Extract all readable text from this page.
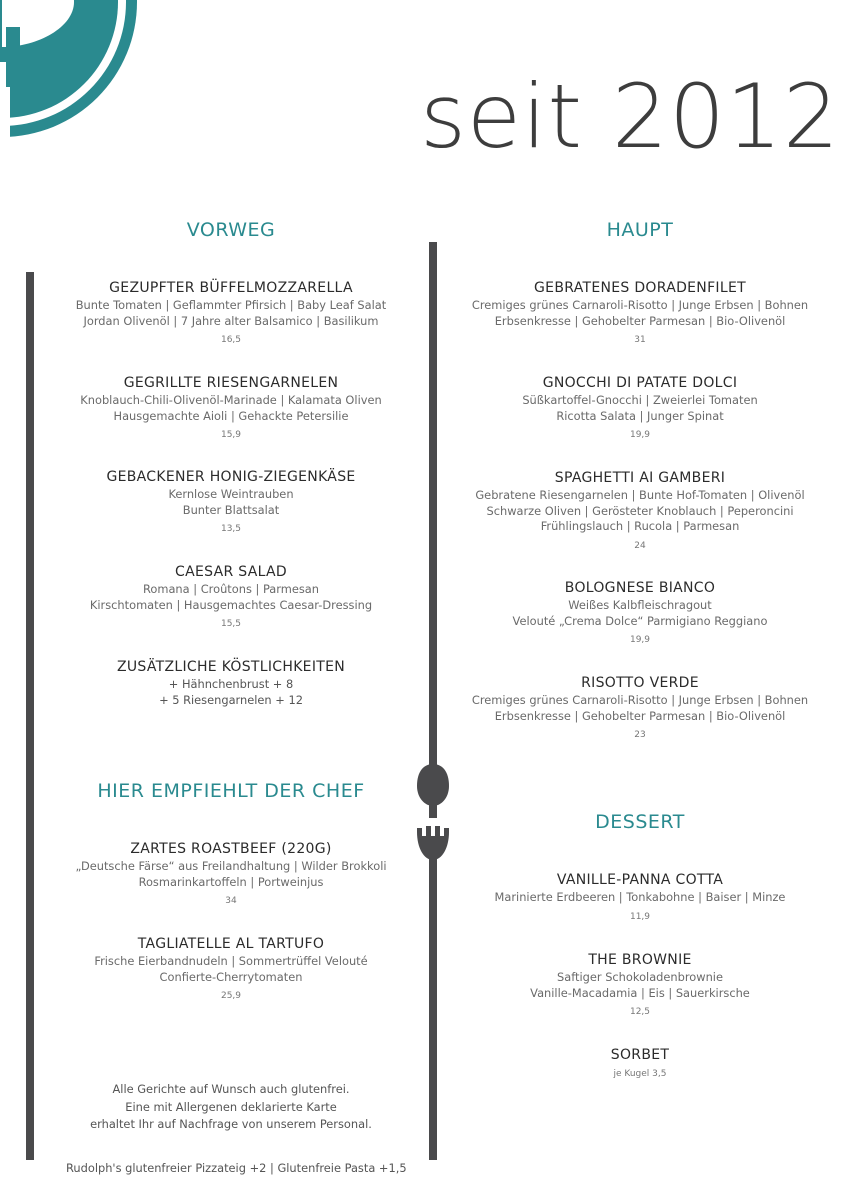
seit 2012
VORWEG
GEZUPFTER BÜFFELMOZZARELLA
Bunte Tomaten | Geflammter Pfirsich | Baby Leaf Salat
Jordan Olivenöl | 7 Jahre alter Balsamico | Basilikum
16,5
GEGRILLTE RIESENGARNELEN
Knoblauch-Chili-Olivenöl-Marinade | Kalamata Oliven
Hausgemachte Aioli | Gehackte Petersilie
15,9
GEBACKENER HONIG-ZIEGENKÄSE
Kernlose Weintrauben
Bunter Blattsalat
13,5
CAESAR SALAD
Romana | Croûtons | Parmesan
Kirschtomaten | Hausgemachtes Caesar-Dressing
15,5
ZUSÄTZLICHE KÖSTLICHKEITEN
+ Hähnchenbrust + 8
+ 5 Riesengarnelen + 12
HIER EMPFIEHLT DER CHEF
ZARTES ROASTBEEF (220G)
„Deutsche Färse“ aus Freilandhaltung | Wilder Brokkoli
Rosmarinkartoffeln | Portweinjus
34
TAGLIATELLE AL TARTUFO
Frische Eierbandnudeln | Sommertrüffel Velouté
Confierte-Cherrytomaten
25,9
Alle Gerichte auf Wunsch auch glutenfrei.
Eine mit Allergenen deklarierte Karte
erhaltet Ihr auf Nachfrage von unserem Personal.
Rudolph's glutenfreier Pizzateig +2 | Glutenfreie Pasta +1,5
HAUPT
GEBRATENES DORADENFILET
Cremiges grünes Carnaroli-Risotto | Junge Erbsen | Bohnen
Erbsenkresse | Gehobelter Parmesan | Bio-Olivenöl
31
GNOCCHI DI PATATE DOLCI
Süßkartoffel-Gnocchi | Zweierlei Tomaten
Ricotta Salata | Junger Spinat
19,9
SPAGHETTI AI GAMBERI
Gebratene Riesengarnelen | Bunte Hof-Tomaten | Olivenöl
Schwarze Oliven | Gerösteter Knoblauch | Peperoncini
Frühlingslauch | Rucola | Parmesan
24
BOLOGNESE BIANCO
Weißes Kalbfleischragout
Velouté „Crema Dolce“ Parmigiano Reggiano
19,9
RISOTTO VERDE
Cremiges grünes Carnaroli-Risotto | Junge Erbsen | Bohnen
Erbsenkresse | Gehobelter Parmesan | Bio-Olivenöl
23
DESSERT
VANILLE-PANNA COTTA
Marinierte Erdbeeren | Tonkabohne | Baiser | Minze
11,9
THE BROWNIE
Saftiger Schokoladenbrownie
Vanille-Macadamia | Eis | Sauerkirsche
12,5
SORBET
je Kugel 3,5
